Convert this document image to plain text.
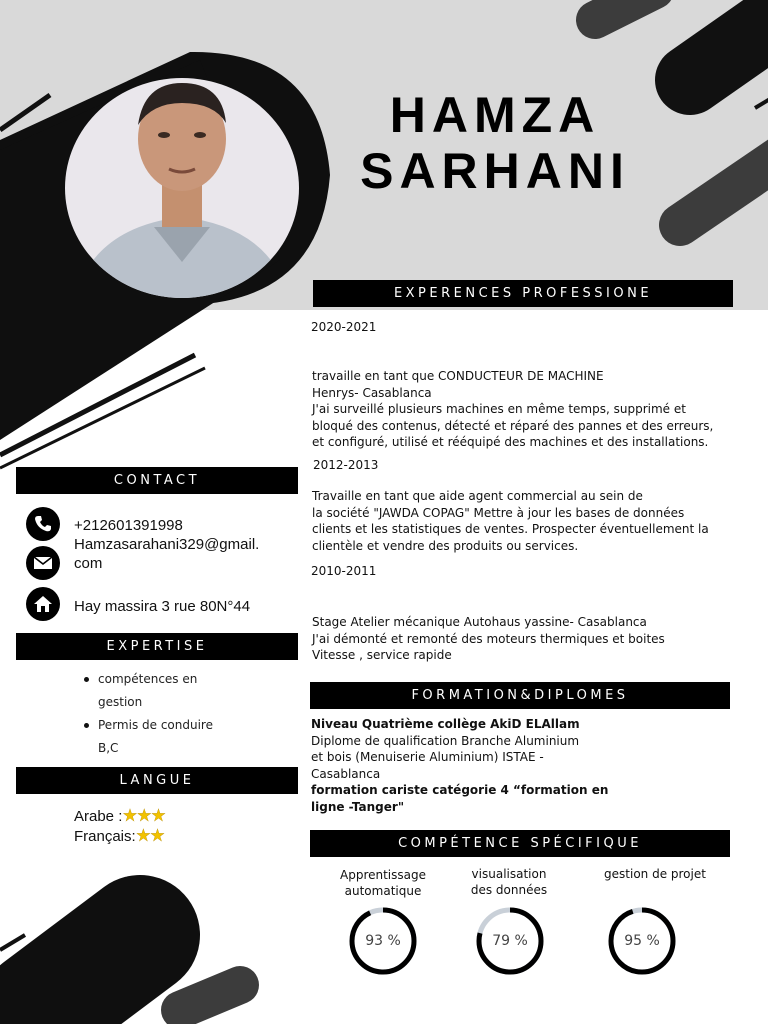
HAMZA
SARHANI
EXPERENCES PROFESSIONE
2020-2021
travaille en tant que CONDUCTEUR DE MACHINE
Henrys- Casablanca
J'ai surveillé plusieurs machines en même temps, supprimé et
bloqué des contenus, détecté et réparé des pannes et des erreurs,
et configuré, utilisé et rééquipé des machines et des installations.
2012-2013
Travaille en tant que aide agent commercial au sein de
la société "JAWDA COPAG" Mettre à jour les bases de données
clients et les statistiques de ventes. Prospecter éventuellement la
clientèle et vendre des produits ou services.
2010-2011
Stage Atelier mécanique Autohaus yassine- Casablanca
J'ai démonté et remonté des moteurs thermiques et boites
Vitesse , service rapide
CONTACT
+212601391998
Hamzasarahani329@gmail.
com
Hay massira 3 rue 80N°44
EXPERTISE
compétences en
gestion
Permis de conduire
B,C
LANGUE
Arabe :★★★
Français:★★
FORMATION&DIPLOMES
Niveau Quatrième collège AkiD ELAllam
Diplome de qualification Branche Aluminium
et bois (Menuiserie Aluminium) ISTAE -
Casablanca
formation cariste catégorie 4 “formation en
ligne -Tanger"
COMPÉTENCE SPÉCIFIQUE
Apprentissage
automatique
visualisation
des données
gestion de projet
93 %	79 %	95 %
